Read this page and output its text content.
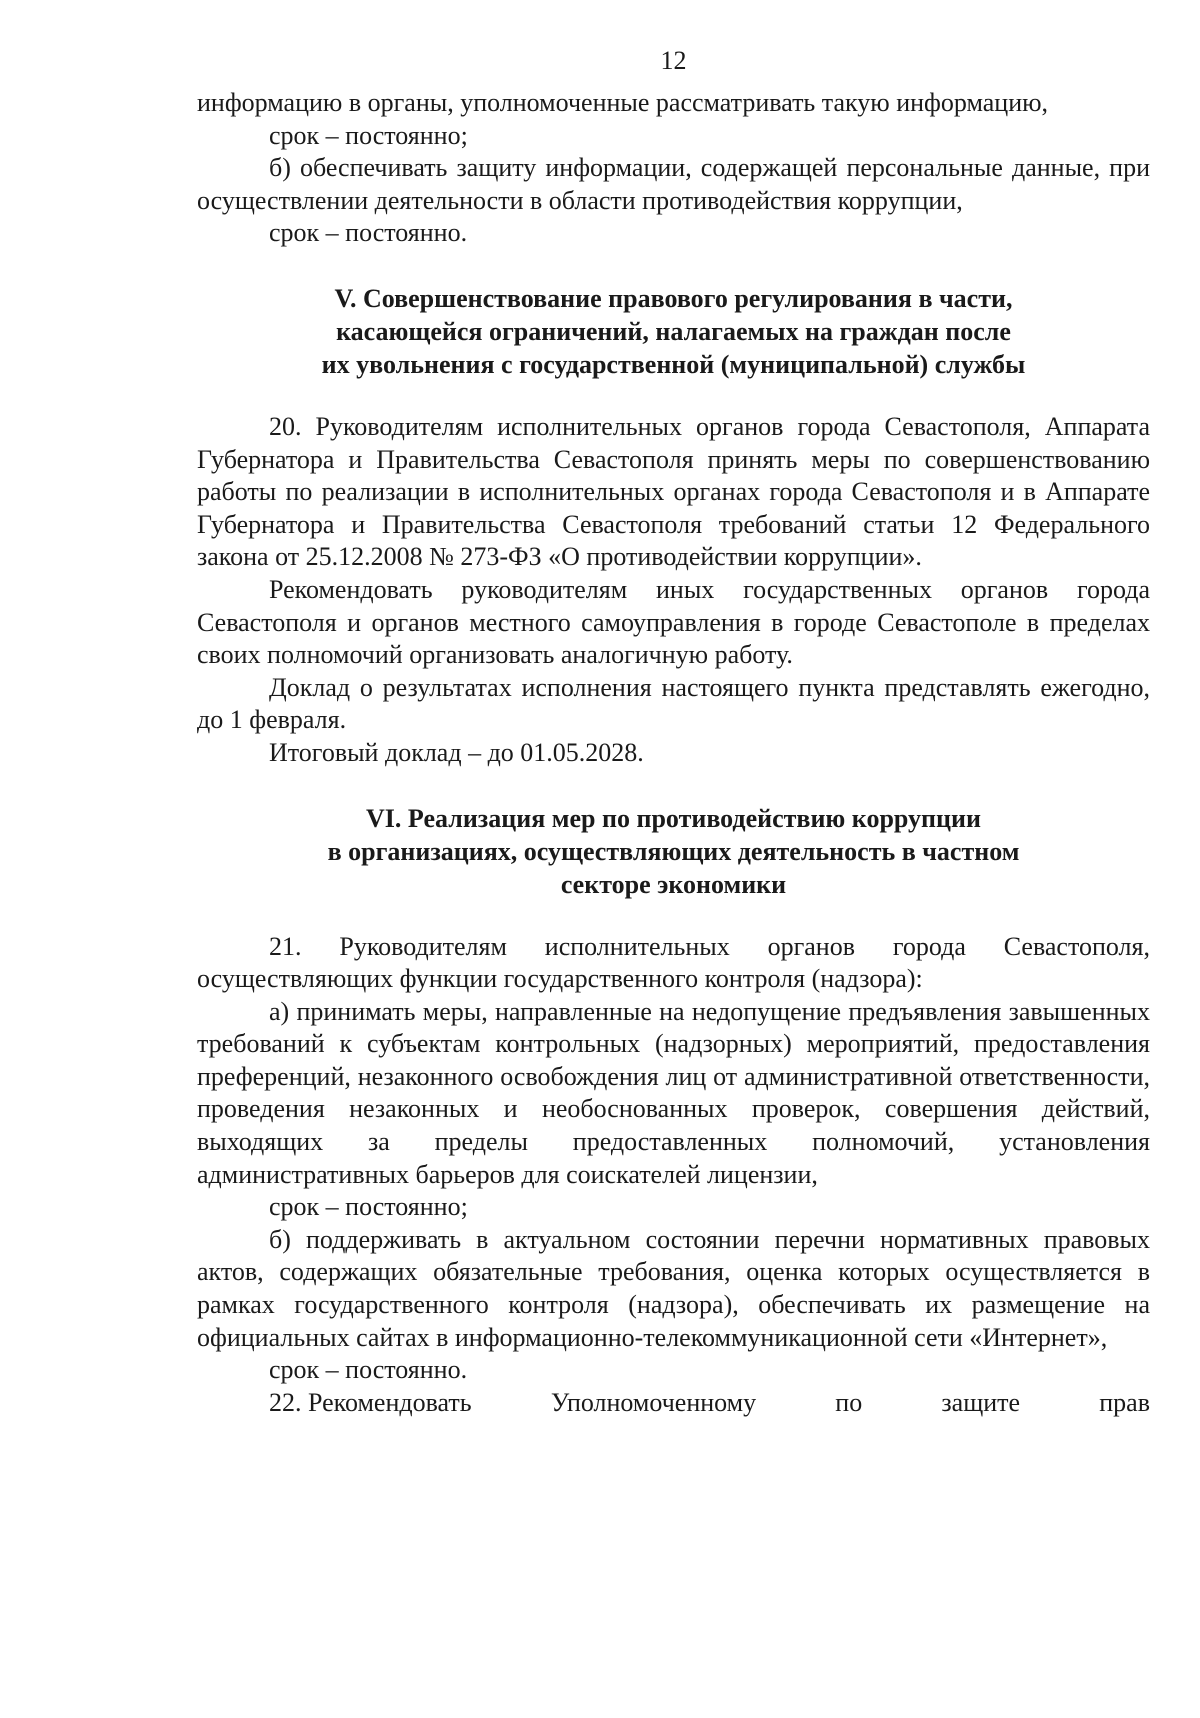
12

информацию в органы, уполномоченные рассматривать такую информацию,

срок – постоянно;

б) обеспечивать защиту информации, содержащей персональные данные, при осуществлении деятельности в области противодействия коррупции,

срок – постоянно.

V. Совершенствование правового регулирования в части,
касающейся ограничений, налагаемых на граждан после
их увольнения с государственной (муниципальной) службы

20. Руководителям исполнительных органов города Севастополя, Аппарата Губернатора и Правительства Севастополя принять меры по совершенствованию работы по реализации в исполнительных органах города Севастополя и в Аппарате Губернатора и Правительства Севастополя требований статьи 12 Федерального закона от 25.12.2008 № 273-ФЗ «О противодействии коррупции».

Рекомендовать руководителям иных государственных органов города Севастополя и органов местного самоуправления в городе Севастополе в пределах своих полномочий организовать аналогичную работу.

Доклад о результатах исполнения настоящего пункта представлять ежегодно, до 1 февраля.

Итоговый доклад – до 01.05.2028.

VI. Реализация мер по противодействию коррупции
в организациях, осуществляющих деятельность в частном
секторе экономики

21. Руководителям исполнительных органов города Севастополя, осуществляющих функции государственного контроля (надзора):

а) принимать меры, направленные на недопущение предъявления завышенных требований к субъектам контрольных (надзорных) мероприятий, предоставления преференций, незаконного освобождения лиц от административной ответственности, проведения незаконных и необоснованных проверок, совершения действий, выходящих за пределы предоставленных полномочий, установления административных барьеров для соискателей лицензии,

срок – постоянно;

б) поддерживать в актуальном состоянии перечни нормативных правовых актов, содержащих обязательные требования, оценка которых осуществляется в рамках государственного контроля (надзора), обеспечивать их размещение на официальных сайтах в информационно-телекоммуникационной сети «Интернет»,

срок – постоянно.

22. Рекомендовать	Уполномоченному	по	защите	прав
